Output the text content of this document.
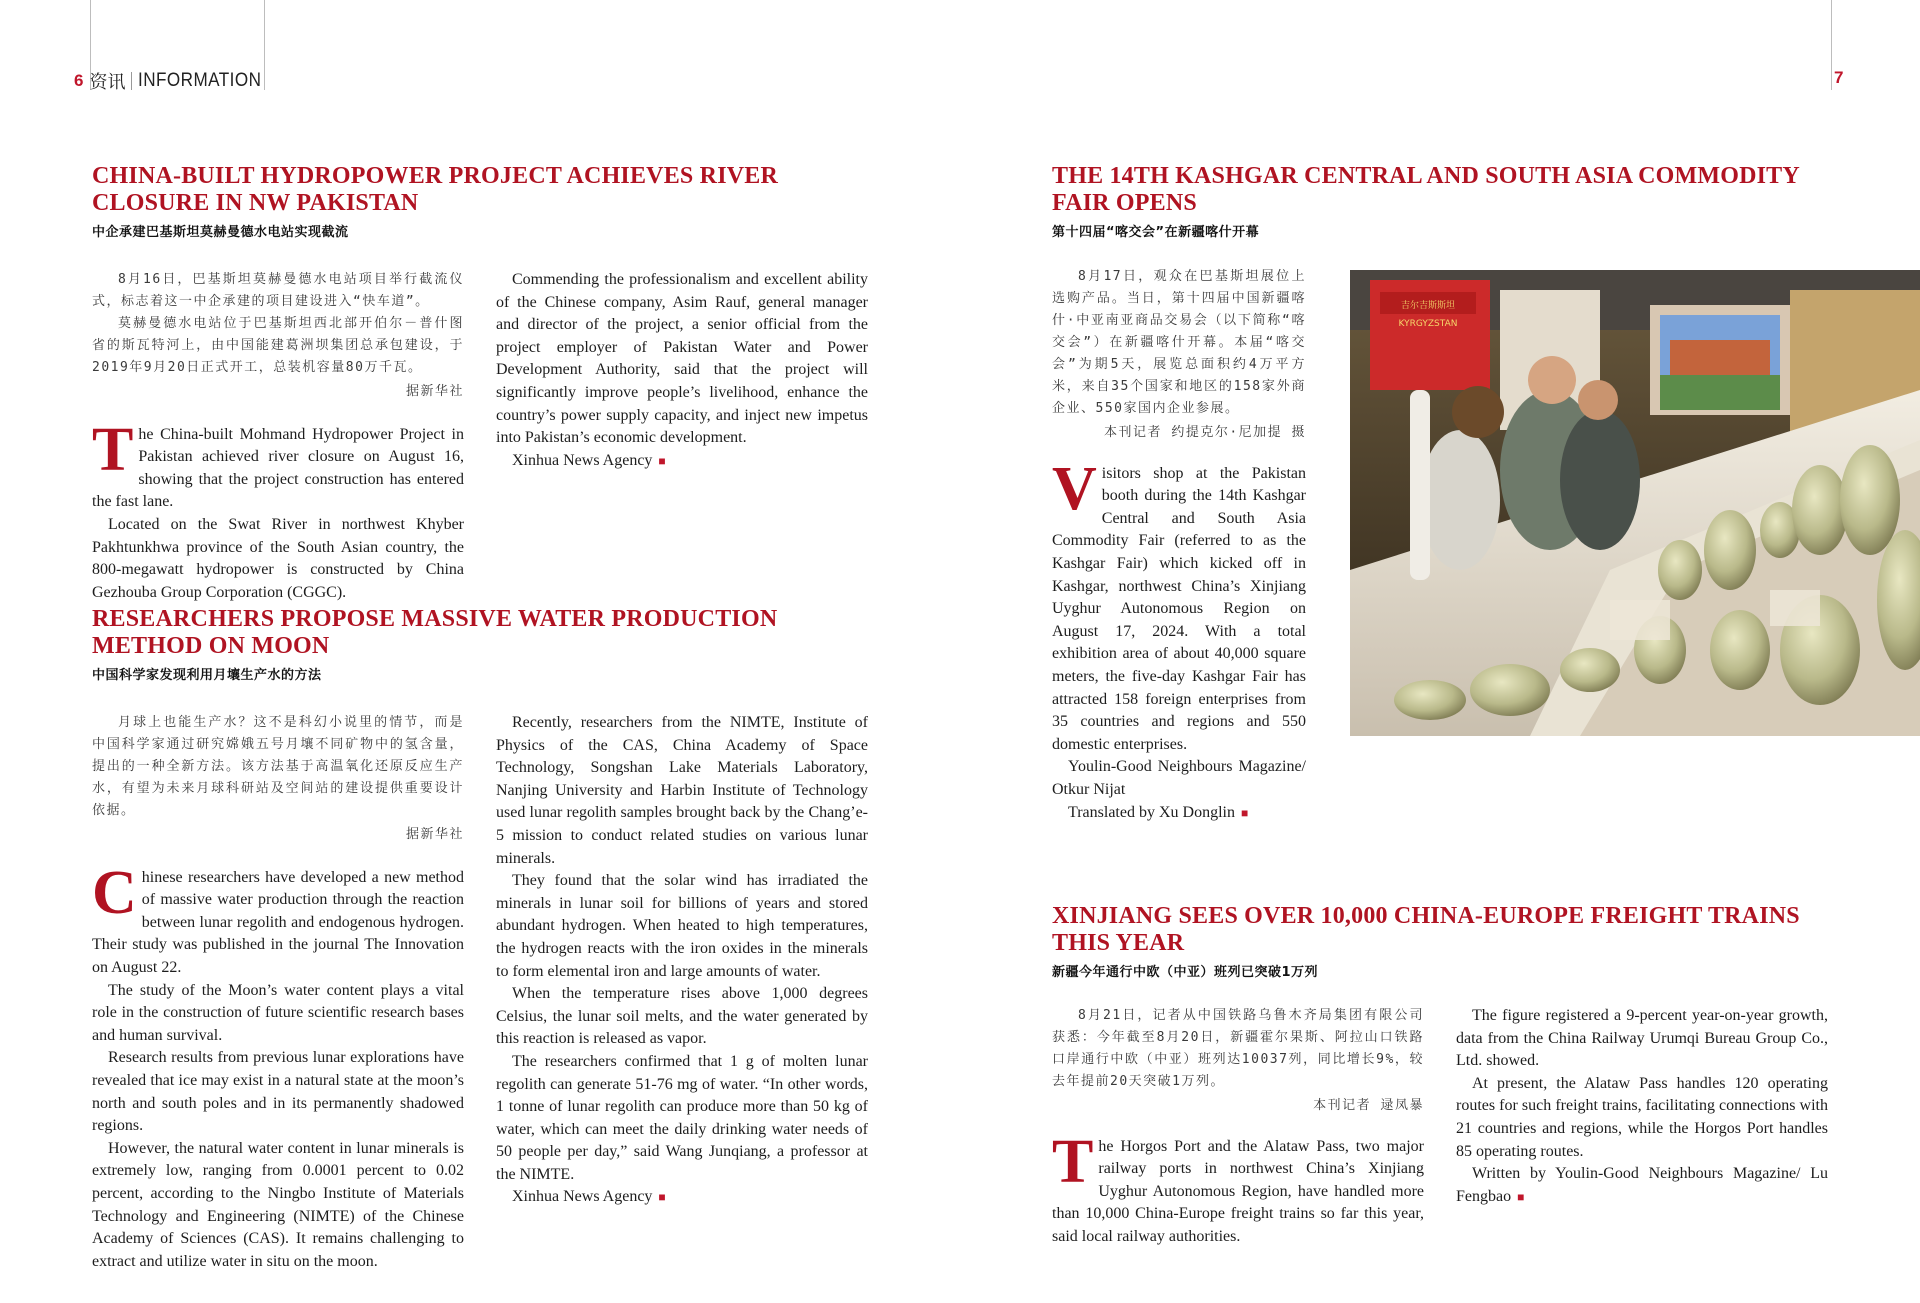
6 资讯 INFORMATION	7
CHINA-BUILT HYDROPOWER PROJECT ACHIEVES RIVER CLOSURE IN NW PAKISTAN
中企承建巴基斯坦莫赫曼德水电站实现截流

8月16日，巴基斯坦莫赫曼德水电站项目举行截流仪式，标志着这一中企承建的项目建设进入“快车道”。

莫赫曼德水电站位于巴基斯坦西北部开伯尔－普什图省的斯瓦特河上，由中国能建葛洲坝集团总承包建设，于2019年9月20日正式开工，总装机容量80万千瓦。

据新华社

The China-built Mohmand Hydropower Project in Pakistan achieved river closure on August 16, showing that the project construction has entered the fast lane.

Located on the Swat River in northwest Khyber Pakhtunkhwa province of the South Asian country, the 800-megawatt hydropower is constructed by China Gezhouba Group Corporation (CGGC).

Commending the professionalism and excellent ability of the Chinese company, Asim Rauf, general manager and director of the project, a senior official from the project employer of Pakistan Water and Power Development Authority, said that the project will significantly improve people’s livelihood, enhance the country’s power supply capacity, and inject new impetus into Pakistan’s economic development.

Xinhua News Agency ■

RESEARCHERS PROPOSE MASSIVE WATER PRODUCTION METHOD ON MOON
中国科学家发现利用月壤生产水的方法

月球上也能生产水？这不是科幻小说里的情节，而是中国科学家通过研究嫦娥五号月壤不同矿物中的氢含量，提出的一种全新方法。该方法基于高温氧化还原反应生产水，有望为未来月球科研站及空间站的建设提供重要设计依据。

据新华社

Chinese researchers have developed a new method of massive water production through the reaction between lunar regolith and endogenous hydrogen. Their study was published in the journal The Innovation on August 22.

The study of the Moon’s water content plays a vital role in the construction of future scientific research bases and human survival.

Research results from previous lunar explorations have revealed that ice may exist in a natural state at the moon’s north and south poles and in its permanently shadowed regions.

However, the natural water content in lunar minerals is extremely low, ranging from 0.0001 percent to 0.02 percent, according to the Ningbo Institute of Materials Technology and Engineering (NIMTE) of the Chinese Academy of Sciences (CAS). It remains challenging to extract and utilize water in situ on the moon.

Recently, researchers from the NIMTE, Institute of Physics of the CAS, China Academy of Space Technology, Songshan Lake Materials Laboratory, Nanjing University and Harbin Institute of Technology used lunar regolith samples brought back by the Chang’e-5 mission to conduct related studies on various lunar minerals.

They found that the solar wind has irradiated the minerals in lunar soil for billions of years and stored abundant hydrogen. When heated to high temperatures, the hydrogen reacts with the iron oxides in the minerals to form elemental iron and large amounts of water.

When the temperature rises above 1,000 degrees Celsius, the lunar soil melts, and the water generated by this reaction is released as vapor.

The researchers confirmed that 1 g of molten lunar regolith can generate 51-76 mg of water. “In other words, 1 tonne of lunar regolith can produce more than 50 kg of water, which can meet the daily drinking water needs of 50 people per day,” said Wang Junqiang, a professor at the NIMTE.

Xinhua News Agency ■

THE 14TH KASHGAR CENTRAL AND SOUTH ASIA COMMODITY FAIR OPENS
第十四届“喀交会”在新疆喀什开幕

8月17日，观众在巴基斯坦展位上选购产品。当日，第十四届中国新疆喀什·中亚南亚商品交易会（以下简称“喀交会”）在新疆喀什开幕。本届“喀交会”为期5天，展览总面积约4万平方米，来自35个国家和地区的158家外商企业、550家国内企业参展。

本刊记者 约提克尔·尼加提 摄

Visitors shop at the Pakistan booth during the 14th Kashgar Central and South Asia Commodity Fair (referred to as the Kashgar Fair) which kicked off in Kashgar, northwest China’s Xinjiang Uyghur Autonomous Region on August 17, 2024. With a total exhibition area of about 40,000 square meters, the five-day Kashgar Fair has attracted 158 foreign enterprises from 35 countries and regions and 550 domestic enterprises.

Youlin-Good Neighbours Magazine/ Otkur Nijat

Translated by Xu Donglin ■

吉尔吉斯斯坦
KYRGYZSTAN
XINJIANG SEES OVER 10,000 CHINA-EUROPE FREIGHT TRAINS THIS YEAR
新疆今年通行中欧（中亚）班列已突破1万列

8月21日，记者从中国铁路乌鲁木齐局集团有限公司获悉：今年截至8月20日，新疆霍尔果斯、阿拉山口铁路口岸通行中欧（中亚）班列达10037列，同比增长9%，较去年提前20天突破1万列。

本刊记者 逯凤暴

The Horgos Port and the Alataw Pass, two major railway ports in northwest China’s Xinjiang Uyghur Autonomous Region, have handled more than 10,000 China-Europe freight trains so far this year, said local railway authorities.

The figure registered a 9-percent year-on-year growth, data from the China Railway Urumqi Bureau Group Co., Ltd. showed.

At present, the Alataw Pass handles 120 operating routes for such freight trains, facilitating connections with 21 countries and regions, while the Horgos Port handles 85 operating routes.

Written by Youlin-Good Neighbours Magazine/ Lu Fengbao ■
